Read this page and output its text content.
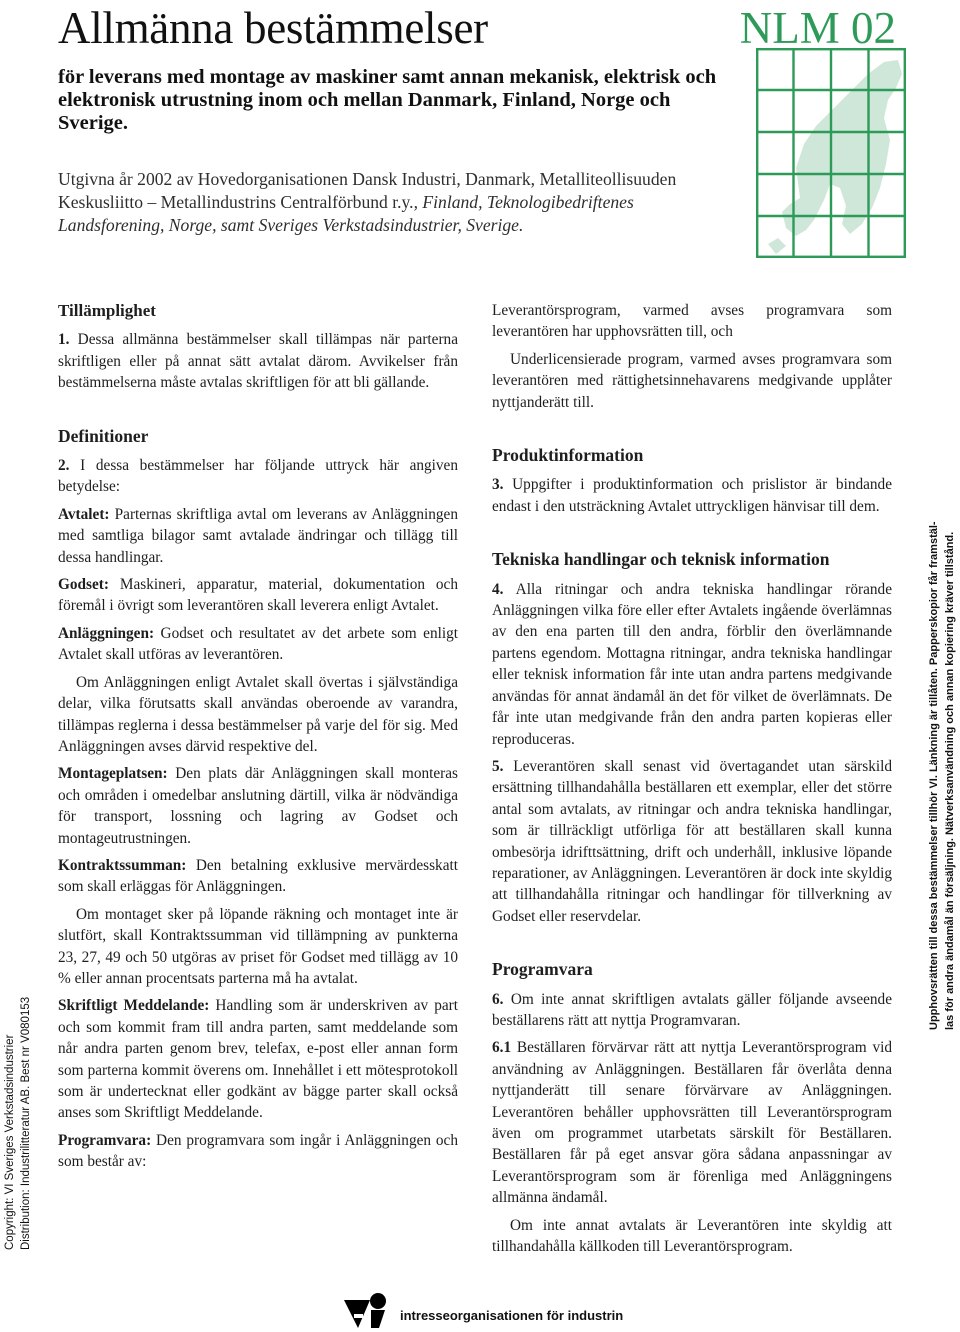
Allmänna bestämmelser	NLM 02
för leverans med montage av maskiner samt annan mekanisk, elektrisk och elektronisk utrustning inom och mellan Danmark, Finland, Norge och Sverige.
Utgivna år 2002 av Hovedorganisationen Dansk Industri, Danmark, Metalliteollisuuden Keskusliitto – Metallindustrins Centralförbund r.y., Finland, Teknologibedriftenes Landsforening, Norge, samt Sveriges Verkstadsindustrier, Sverige.
Tillämplighet

1. Dessa allmänna bestämmelser skall tillämpas när parterna skriftligen eller på annat sätt avtalat därom. Avvikelser från bestämmelserna måste avtalas skriftligen för att bli gällande.

Definitioner

2. I dessa bestämmelser har följande uttryck här angiven betydelse:

Avtalet: Parternas skriftliga avtal om leverans av Anläggningen med samtliga bilagor samt avtalade ändringar och tillägg till dessa handlingar.

Godset: Maskineri, apparatur, material, dokumentation och föremål i övrigt som leverantören skall leverera enligt Avtalet.

Anläggningen: Godset och resultatet av det arbete som enligt Avtalet skall utföras av leverantören.

Om Anläggningen enligt Avtalet skall övertas i självständiga delar, vilka förutsatts skall användas oberoende av varandra, tillämpas reglerna i dessa bestämmelser på varje del för sig. Med Anläggningen avses därvid respektive del.

Montageplatsen: Den plats där Anläggningen skall monteras och områden i omedelbar anslutning därtill, vilka är nödvändiga för transport, lossning och lagring av Godset och montageutrustningen.

Kontraktssumman: Den betalning exklusive mervärdesskatt som skall erläggas för Anläggningen.

Om montaget sker på löpande räkning och montaget inte är slutfört, skall Kontraktssumman vid tillämpning av punkterna 23, 27, 49 och 50 utgöras av priset för Godset med tillägg av 10 % eller annan procentsats parterna må ha avtalat.

Skriftligt Meddelande: Handling som är underskriven av part och som kommit fram till andra parten, samt meddelande som når andra parten genom brev, telefax, e-post eller annan form som parterna kommit överens om. Innehållet i ett mötesprotokoll som är undertecknat eller godkänt av bägge parter skall också anses som Skriftligt Meddelande.

Programvara: Den programvara som ingår i Anläggningen och som består av:

Leverantörsprogram, varmed avses programvara som leverantören har upphovsrätten till, och

Underlicensierade program, varmed avses programvara som leverantören med rättighetsinnehavarens medgivande upplåter nyttjanderätt till.

Produktinformation

3. Uppgifter i produktinformation och prislistor är bindande endast i den utsträckning Avtalet uttryckligen hänvisar till dem.

Tekniska handlingar och teknisk information

4. Alla ritningar och andra tekniska handlingar rörande Anläggningen vilka före eller efter Avtalets ingående överlämnas av den ena parten till den andra, förblir den överlämnande partens egendom. Mottagna ritningar, andra tekniska handlingar eller teknisk information får inte utan andra partens medgivande användas för annat ändamål än det för vilket de överlämnats. De får inte utan medgivande från den andra parten kopieras eller reproduceras.

5. Leverantören skall senast vid övertagandet utan särskild ersättning tillhandahålla beställaren ett exemplar, eller det större antal som avtalats, av ritningar och andra tekniska handlingar, som är tillräckligt utförliga för att beställaren skall kunna ombesörja idrifttsättning, drift och underhåll, inklusive löpande reparationer, av Anläggningen. Leverantören är dock inte skyldig att tillhandahålla ritningar och handlingar för tillverkning av Godset eller reservdelar.

Programvara

6. Om inte annat skriftligen avtalats gäller följande avseende beställarens rätt att nyttja Programvaran.

6.1 Beställaren förvärvar rätt att nyttja Leverantörsprogram vid användning av Anläggningen. Beställaren får överlåta denna nyttjanderätt till senare förvärvare av Anläggningen. Leverantören behåller upphovsrätten till Leverantörsprogram även om programmet utarbetats särskilt för Beställaren. Beställaren får på eget ansvar göra sådana anpassningar av Leverantörsprogram som är förenliga med Anläggningens allmänna ändamål.

Om inte annat avtalats är Leverantören inte skyldig att tillhandahålla källkoden till Leverantörsprogram.

Copyright: VI Sveriges Verkstadsindustrier Distribution: Industrilitteratur AB. Best nr V080153
Upphovsrätten till dessa bestämmelser tillhör VI. Länkning är tillåten. Papperskopior får framstäl- las för andra ändamål än försäljning. Nätverksanvändning och annan kopiering kräver tillstånd.
intresseorganisationen för industrin
